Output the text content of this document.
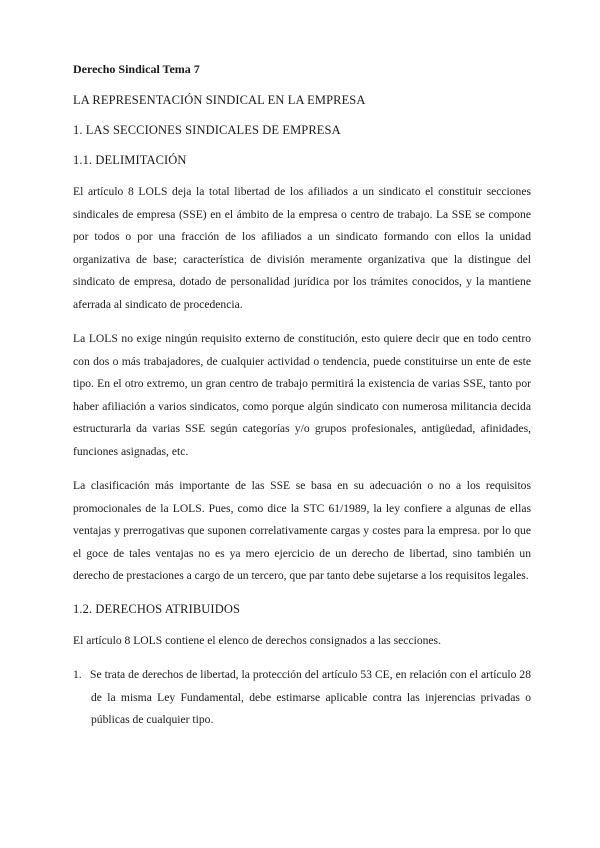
Derecho Sindical Tema 7
LA REPRESENTACIÓN SINDICAL EN LA EMPRESA
1. LAS SECCIONES SINDICALES DE EMPRESA
1.1. DELIMITACIÓN

El artículo 8 LOLS deja la total libertad de los afiliados a un sindicato el constituir secciones sindicales de empresa (SSE) en el ámbito de la empresa o centro de trabajo. La SSE se compone por todos o por una fracción de los afiliados a un sindicato formando con ellos la unidad organizativa de base; característica de división meramente organizativa que la distingue del sindicato de empresa, dotado de personalidad jurídica por los trámites conocidos, y la mantiene aferrada al sindicato de procedencia.

La LOLS no exige ningún requisito externo de constitución, esto quiere decir que en todo centro con dos o más trabajadores, de cualquier actividad o tendencia, puede constituirse un ente de este tipo. En el otro extremo, un gran centro de trabajo permitirá la existencia de varias SSE, tanto por haber afiliación a varios sindicatos, como porque algún sindicato con numerosa militancia decida estructurarla da varias SSE según categorías y/o grupos profesionales, antigüedad, afinidades, funciones asignadas, etc.

La clasificación más importante de las SSE se basa en su adecuación o no a los requisitos promocionales de la LOLS. Pues, como dice la STC 61/1989, la ley confiere a algunas de ellas ventajas y prerrogativas que suponen correlativamente cargas y costes para la empresa. por lo que el goce de tales ventajas no es ya mero ejercicio de un derecho de libertad, sino también un derecho de prestaciones a cargo de un tercero, que par tanto debe sujetarse a los requisitos legales.

1.2. DERECHOS ATRIBUIDOS

El artículo 8 LOLS contiene el elenco de derechos consignados a las secciones.

1. Se trata de derechos de libertad, la protección del artículo 53 CE, en relación con el artículo 28 de la misma Ley Fundamental, debe estimarse aplicable contra las injerencias privadas o públicas de cualquier tipo.
